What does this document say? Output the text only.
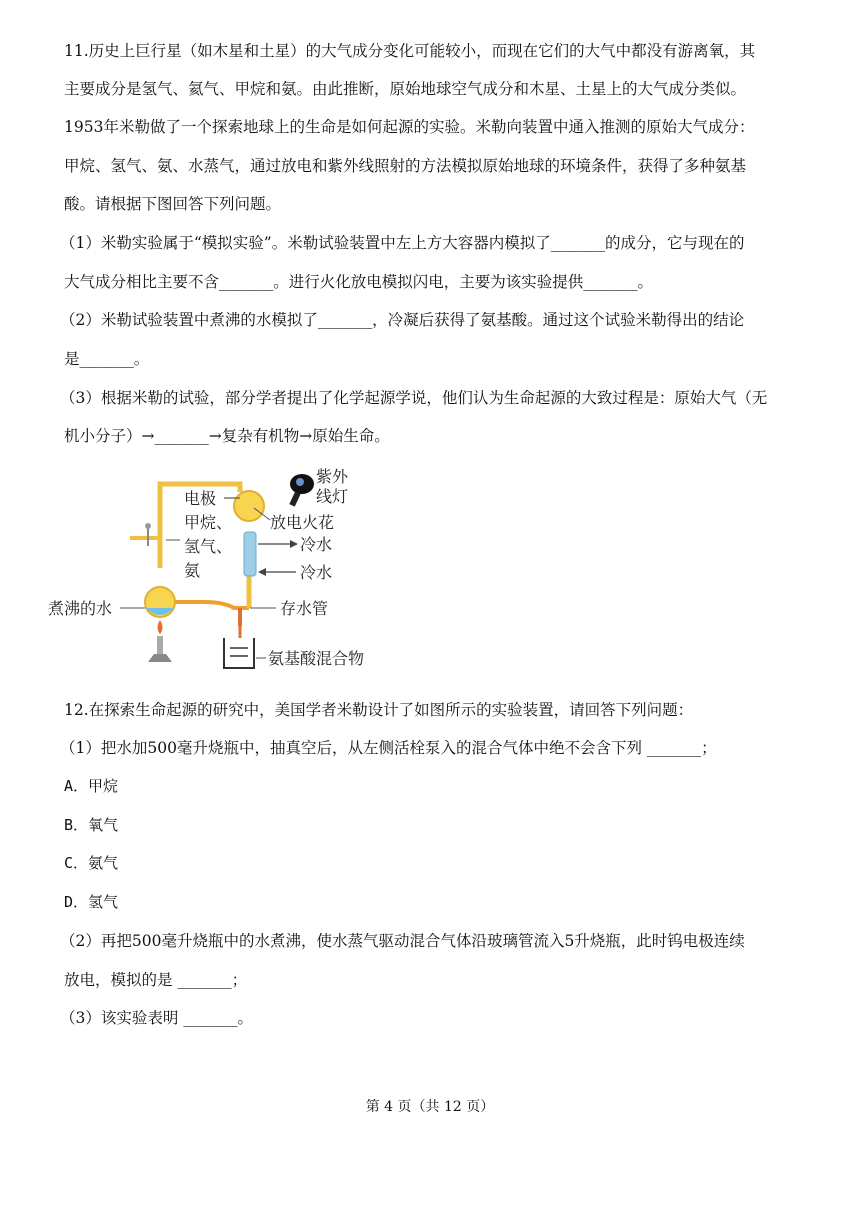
11.历史上巨行星（如木星和土星）的大气成分变化可能较小，而现在它们的大气中都没有游离氧，其
主要成分是氢气、氦气、甲烷和氨。由此推断，原始地球空气成分和木星、土星上的大气成分类似。
1953年米勒做了一个探索地球上的生命是如何起源的实验。米勒向装置中通入推测的原始大气成分：
甲烷、氢气、氨、水蒸气，通过放电和紫外线照射的方法模拟原始地球的环境条件，获得了多种氨基
酸。请根据下图回答下列问题。
（1）米勒实验属于“模拟实验”。米勒试验装置中左上方大容器内模拟了_______的成分，它与现在的
大气成分相比主要不含_______。进行火化放电模拟闪电，主要为该实验提供_______。
（2）米勒试验装置中煮沸的水模拟了_______，冷凝后获得了氨基酸。通过这个试验米勒得出的结论
是_______。
（3）根据米勒的试验，部分学者提出了化学起源学说，他们认为生命起源的大致过程是：原始大气（无
机小分子）→_______→复杂有机物→原始生命。
紫外
线灯
电极
甲烷、
氢气、
氨
放电火花
冷水
冷水
煮沸的水	存水管
氨基酸混合物
12.在探索生命起源的研究中，美国学者米勒设计了如图所示的实验装置，请回答下列问题：
（1）把水加500毫升烧瓶中，抽真空后，从左侧活栓泵入的混合气体中绝不会含下列 _______；
A．甲烷
B．氧气
C．氨气
D．氢气
（2）再把500毫升烧瓶中的水煮沸，使水蒸气驱动混合气体沿玻璃管流入5升烧瓶，此时钨电极连续
放电，模拟的是 _______；
（3）该实验表明 _______。
第 4 页（共 12 页）
